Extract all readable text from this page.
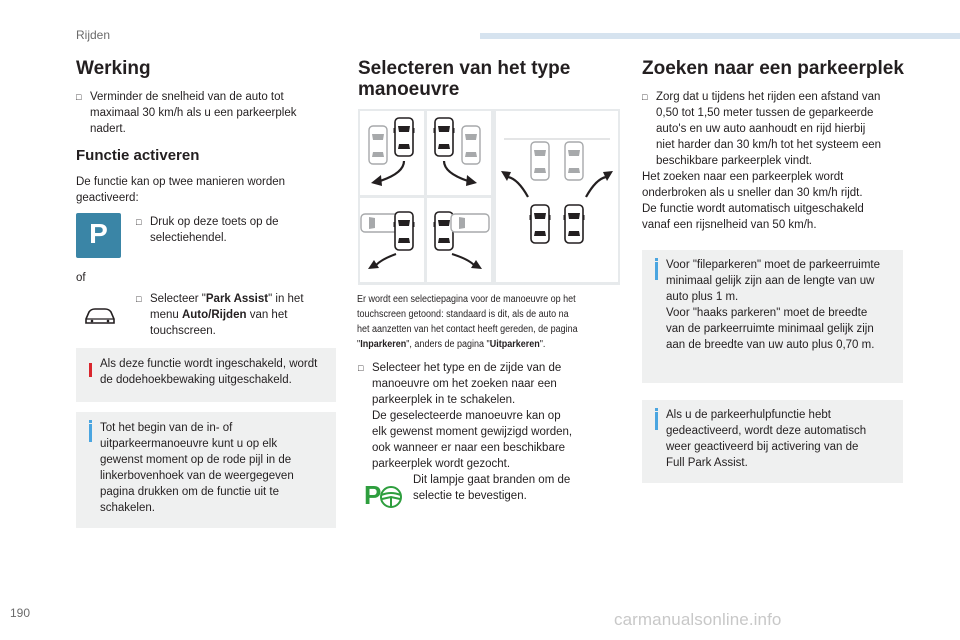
Rijden
Werking
□ Verminder de snelheid van de auto tot
maximaal 30 km/h als u een parkeerplek
nadert.
Functie activeren
De functie kan op twee manieren worden
geactiveerd:
P	□ Druk op deze toets op de
selectiehendel.
of
□ Selecteer "Park Assist" in het
menu Auto/Rijden van het
touchscreen.
Als deze functie wordt ingeschakeld, wordt
de dodehoekbewaking uitgeschakeld.
Tot het begin van de in- of
uitparkeermanoeuvre kunt u op elk
gewenst moment op de rode pijl in de
linkerbovenhoek van de weergegeven
pagina drukken om de functie uit te
schakelen.
Selecteren van het type
manoeuvre
Er wordt een selectiepagina voor de manoeuvre op het
touchscreen getoond: standaard is dit, als de auto na
het aanzetten van het contact heeft gereden, de pagina
"Inparkeren", anders de pagina "Uitparkeren".
□ Selecteer het type en de zijde van de
manoeuvre om het zoeken naar een
parkeerplek in te schakelen.
De geselecteerde manoeuvre kan op
elk gewenst moment gewijzigd worden,
ook wanneer er naar een beschikbare
parkeerplek wordt gezocht.
P	Dit lampje gaat branden om de
selectie te bevestigen.
Zoeken naar een parkeerplek
□ Zorg dat u tijdens het rijden een afstand van
0,50 tot 1,50 meter tussen de geparkeerde
auto's en uw auto aanhoudt en rijd hierbij
niet harder dan 30 km/h tot het systeem een
beschikbare parkeerplek vindt.
Het zoeken naar een parkeerplek wordt
onderbroken als u sneller dan 30 km/h rijdt.
De functie wordt automatisch uitgeschakeld
vanaf een rijsnelheid van 50 km/h.
Voor "fileparkeren" moet de parkeerruimte
minimaal gelijk zijn aan de lengte van uw
auto plus 1 m.
Voor "haaks parkeren" moet de breedte
van de parkeerruimte minimaal gelijk zijn
aan de breedte van uw auto plus 0,70 m.
Als u de parkeerhulpfunctie hebt
gedeactiveerd, wordt deze automatisch
weer geactiveerd bij activering van de
Full Park Assist.
190	carmanualsonline.info
